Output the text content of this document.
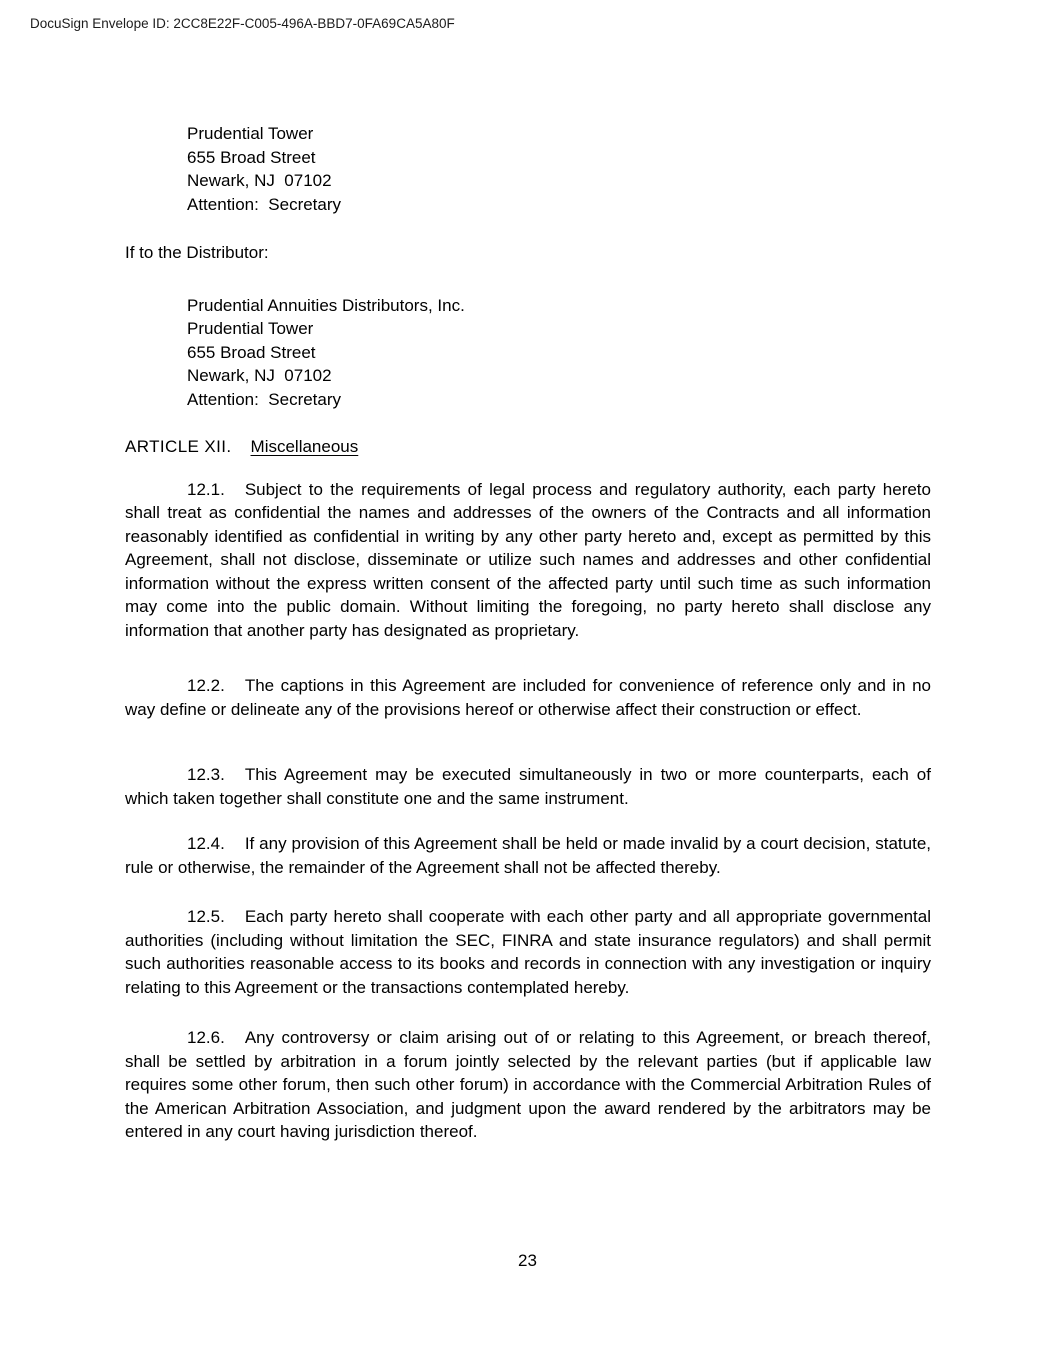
DocuSign Envelope ID: 2CC8E22F-C005-496A-BBD7-0FA69CA5A80F
Prudential Tower
655 Broad Street
Newark, NJ  07102
Attention:  Secretary
If to the Distributor:
Prudential Annuities Distributors, Inc.
Prudential Tower
655 Broad Street
Newark, NJ  07102
Attention:  Secretary
ARTICLE XII. Miscellaneous
12.1. Subject to the requirements of legal process and regulatory authority, each party hereto shall treat as confidential the names and addresses of the owners of the Contracts and all information reasonably identified as confidential in writing by any other party hereto and, except as permitted by this Agreement, shall not disclose, disseminate or utilize such names and addresses and other confidential information without the express written consent of the affected party until such time as such information may come into the public domain. Without limiting the foregoing, no party hereto shall disclose any information that another party has designated as proprietary.
12.2. The captions in this Agreement are included for convenience of reference only and in no way define or delineate any of the provisions hereof or otherwise affect their construction or effect.
12.3. This Agreement may be executed simultaneously in two or more counterparts, each of which taken together shall constitute one and the same instrument.
12.4. If any provision of this Agreement shall be held or made invalid by a court decision, statute, rule or otherwise, the remainder of the Agreement shall not be affected thereby.
12.5. Each party hereto shall cooperate with each other party and all appropriate governmental authorities (including without limitation the SEC, FINRA and state insurance regulators) and shall permit such authorities reasonable access to its books and records in connection with any investigation or inquiry relating to this Agreement or the transactions contemplated hereby.
12.6. Any controversy or claim arising out of or relating to this Agreement, or breach thereof, shall be settled by arbitration in a forum jointly selected by the relevant parties (but if applicable law requires some other forum, then such other forum) in accordance with the Commercial Arbitration Rules of the American Arbitration Association, and judgment upon the award rendered by the arbitrators may be entered in any court having jurisdiction thereof.
23
